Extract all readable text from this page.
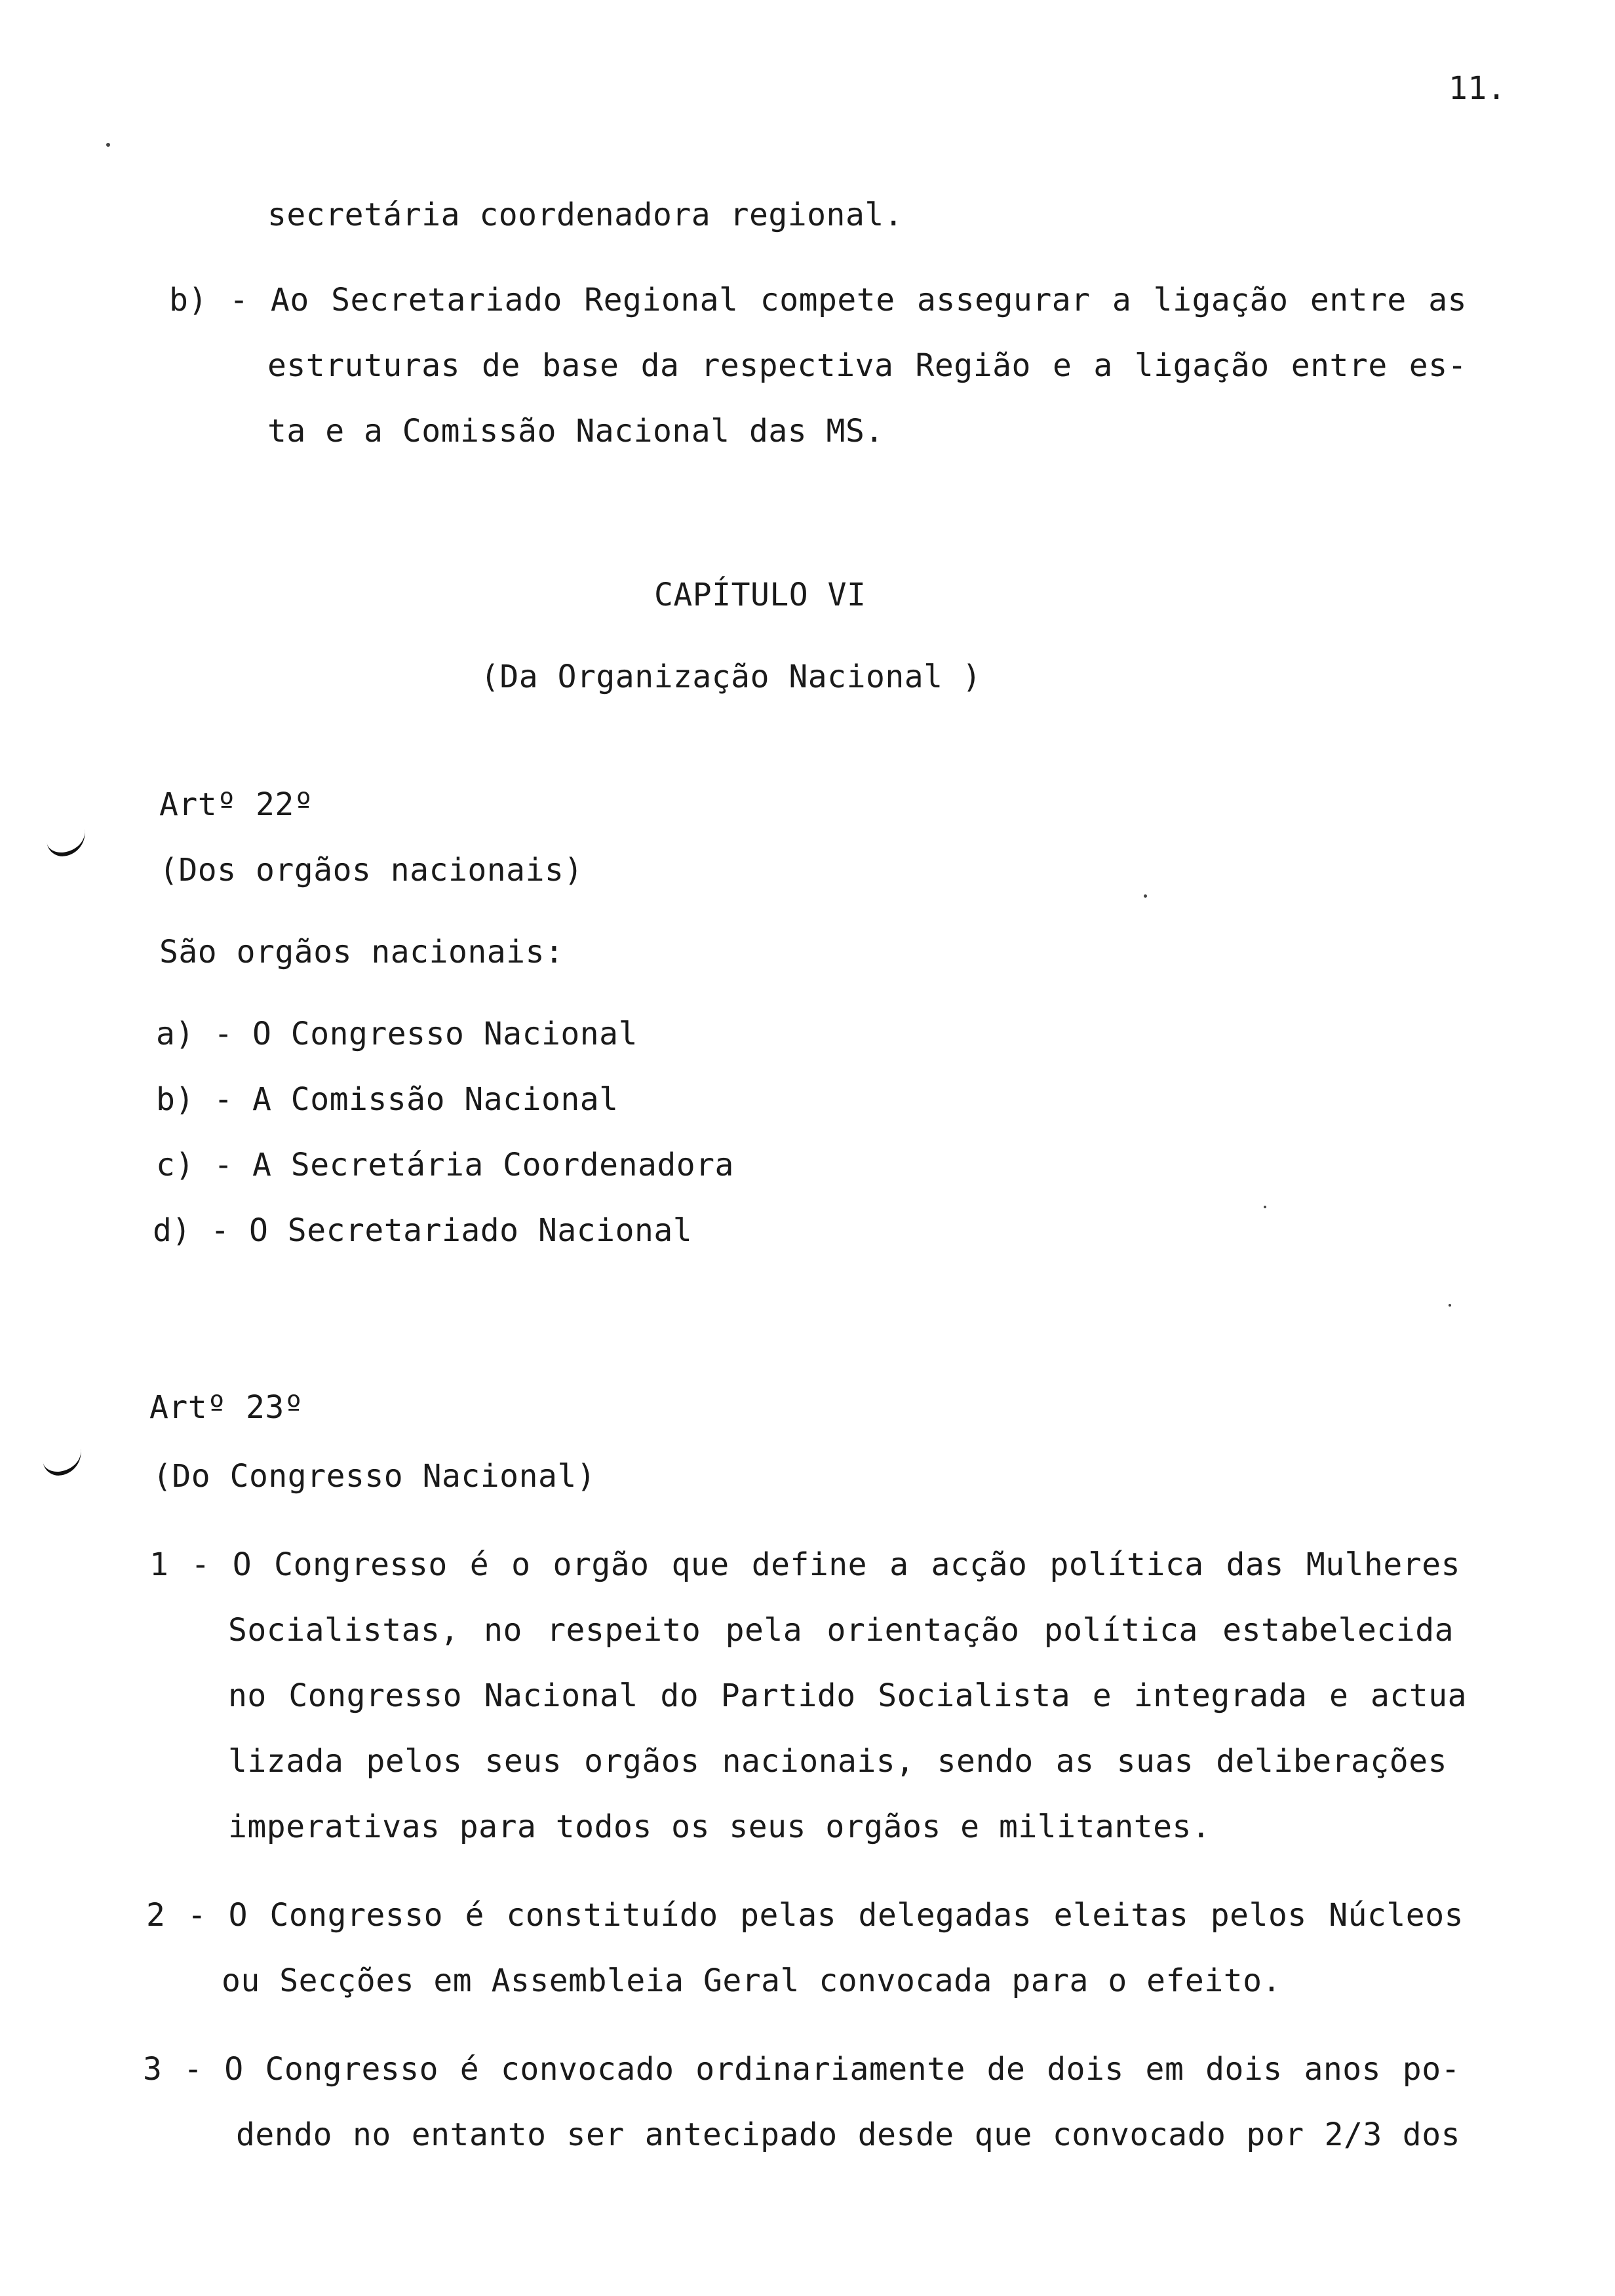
11.
secretária coordenadora regional.
b) - Ao Secretariado Regional compete assegurar a ligação entre as
estruturas de base da respectiva Região e a ligação entre es-
ta e a Comissão Nacional das MS.
CAPÍTULO VI
(Da Organização Nacional )
Artº 22º
(Dos orgãos nacionais)
São orgãos nacionais:
a) - O Congresso Nacional
b) - A Comissão Nacional
c) - A Secretária Coordenadora
d) - O Secretariado Nacional
Artº 23º
(Do Congresso Nacional)
1 - O Congresso é o orgão que define a acção política das Mulheres
Socialistas, no respeito pela orientação política estabelecida
no Congresso Nacional do Partido Socialista e integrada e actua
lizada pelos seus orgãos nacionais, sendo as suas deliberações
imperativas para todos os seus orgãos e militantes.
2 - O Congresso é constituído pelas delegadas eleitas pelos Núcleos
ou Secções em Assembleia Geral convocada para o efeito.
3 - O Congresso é convocado ordinariamente de dois em dois anos po-
dendo no entanto ser antecipado desde que convocado por 2/3 dos
